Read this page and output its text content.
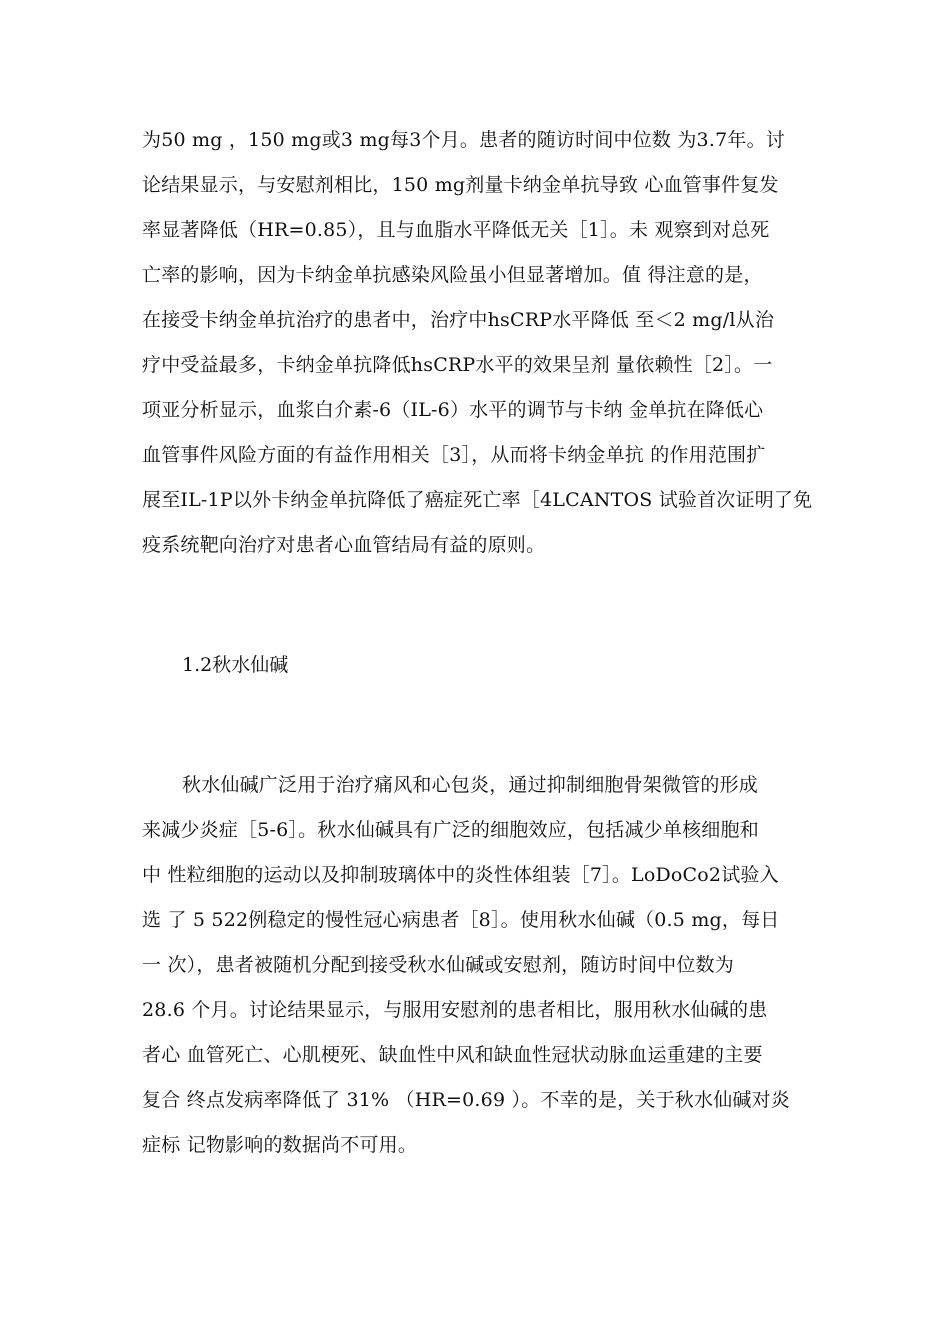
为50 mg ，150 mg或3 mg每3个月。患者的随访时间中位数 为3.7年。讨
论结果显示，与安慰剂相比，150 mg剂量卡纳金单抗导致 心血管事件复发
率显著降低（HR=0.85），且与血脂水平降低无关［1］。未 观察到对总死
亡率的影响，因为卡纳金单抗感染风险虽小但显著增加。值 得注意的是，
在接受卡纳金单抗治疗的患者中，治疗中hsCRP水平降低 至＜2 mg/l从治
疗中受益最多，卡纳金单抗降低hsCRP水平的效果呈剂 量依赖性［2］。一
项亚分析显示，血浆白介素-6（IL-6）水平的调节与卡纳 金单抗在降低心
血管事件风险方面的有益作用相关［3］，从而将卡纳金单抗 的作用范围扩
展至IL-1P以外卡纳金单抗降低了癌症死亡率［4LCANTOS 试验首次证明了免
疫系统靶向治疗对患者心血管结局有益的原则。
1.2秋水仙碱
秋水仙碱广泛用于治疗痛风和心包炎，通过抑制细胞骨架微管的形成
来减少炎症［5-6］。秋水仙碱具有广泛的细胞效应，包括减少单核细胞和
中 性粒细胞的运动以及抑制玻璃体中的炎性体组装［7］。LoDoCo2试验入
选 了 5 522例稳定的慢性冠心病患者［8］。使用秋水仙碱（0.5 mg，每日
一 次），患者被随机分配到接受秋水仙碱或安慰剂，随访时间中位数为
28.6 个月。讨论结果显示，与服用安慰剂的患者相比，服用秋水仙碱的患
者心 血管死亡、心肌梗死、缺血性中风和缺血性冠状动脉血运重建的主要
复合 终点发病率降低了 31% （HR=0.69 ）。不幸的是，关于秋水仙碱对炎
症标 记物影响的数据尚不可用。
